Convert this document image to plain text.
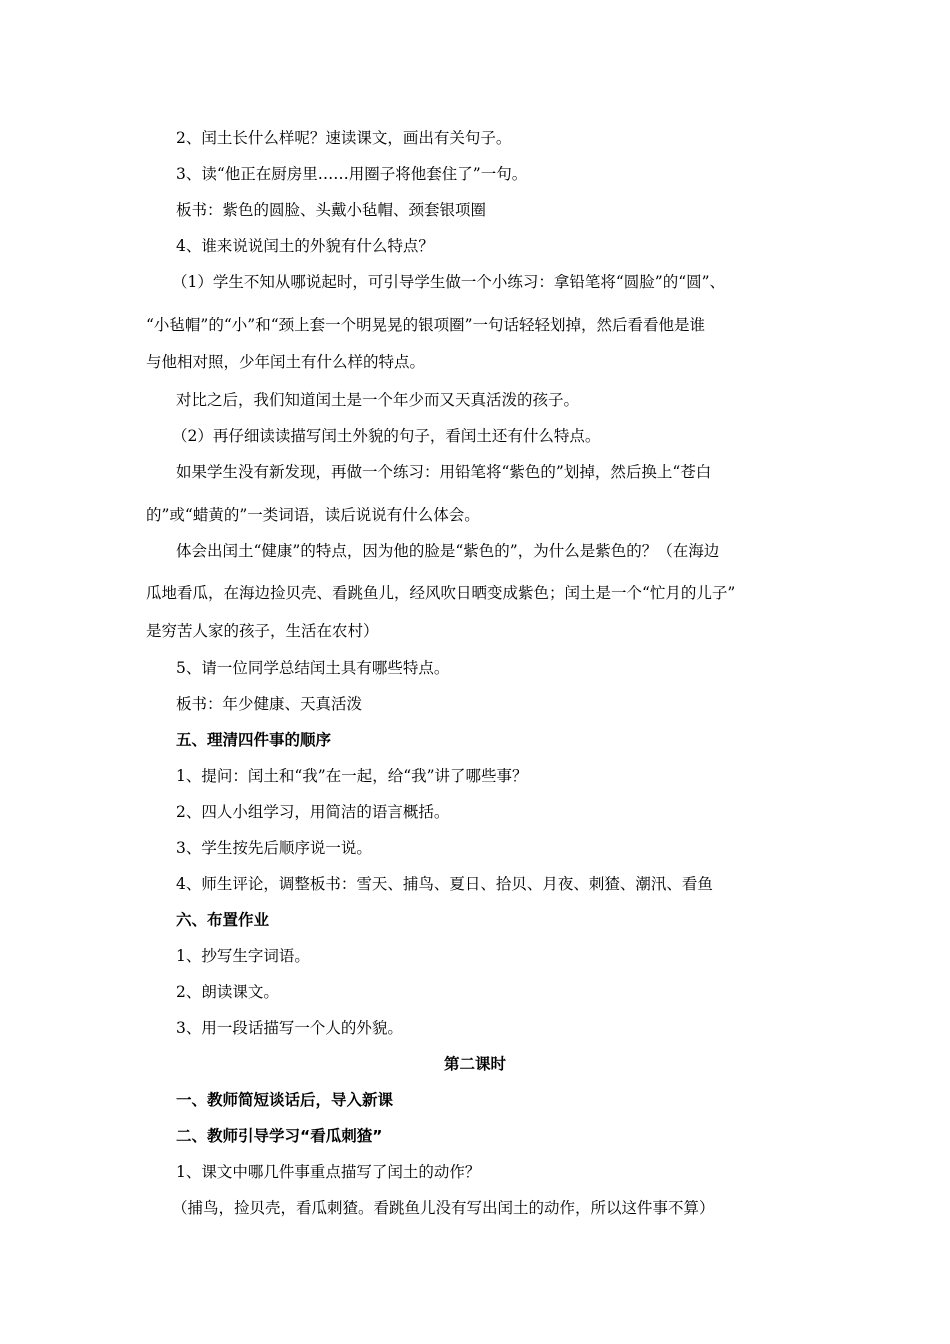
2、闰土长什么样呢？速读课文，画出有关句子。
3、读“他正在厨房里……用圈子将他套住了”一句。
板书：紫色的圆脸、头戴小毡帽、颈套银项圈
4、谁来说说闰土的外貌有什么特点？
（1）学生不知从哪说起时，可引导学生做一个小练习：拿铅笔将“圆脸”的“圆”、
“小毡帽”的“小”和“颈上套一个明晃晃的银项圈”一句话轻轻划掉，然后看看他是谁
与他相对照，少年闰土有什么样的特点。
对比之后，我们知道闰土是一个年少而又天真活泼的孩子。
（2）再仔细读读描写闰土外貌的句子，看闰土还有什么特点。
如果学生没有新发现，再做一个练习：用铅笔将“紫色的”划掉，然后换上“苍白
的”或“蜡黄的”一类词语，读后说说有什么体会。
体会出闰土“健康”的特点，因为他的脸是“紫色的”，为什么是紫色的？（在海边
瓜地看瓜，在海边捡贝壳、看跳鱼儿，经风吹日晒变成紫色；闰土是一个“忙月的儿子”
是穷苦人家的孩子，生活在农村）
5、请一位同学总结闰土具有哪些特点。
板书：年少健康、天真活泼
五、理清四件事的顺序
1、提问：闰土和“我”在一起，给“我”讲了哪些事？
2、四人小组学习，用简洁的语言概括。
3、学生按先后顺序说一说。
4、师生评论，调整板书：雪天、捕鸟、夏日、拾贝、月夜、刺猹、潮汛、看鱼
六、布置作业
1、抄写生字词语。
2、朗读课文。
3、用一段话描写一个人的外貌。
第二课时
一、教师简短谈话后，导入新课
二、教师引导学习“看瓜刺猹”
1、课文中哪几件事重点描写了闰土的动作？
（捕鸟，捡贝壳，看瓜刺猹。看跳鱼儿没有写出闰土的动作，所以这件事不算）
